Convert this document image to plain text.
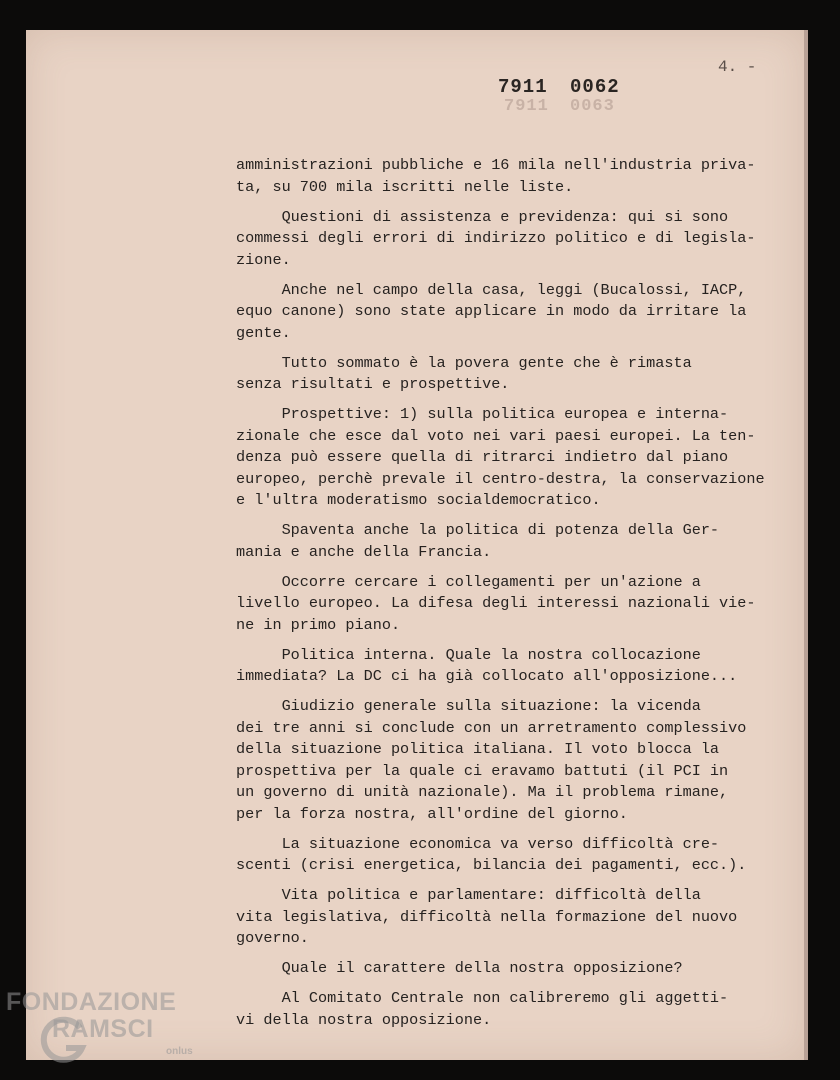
4. -
7911 0063
7911 0062
amministrazioni pubbliche e 16 mila nell'industria priva-
ta, su 700 mila iscritti nelle liste.
Questioni di assistenza e previdenza: qui si sono
commessi degli errori di indirizzo politico e di legisla-
zione.
Anche nel campo della casa, leggi (Bucalossi, IACP,
equo canone) sono state applicare in modo da irritare la
gente.
Tutto sommato è la povera gente che è rimasta
senza risultati e prospettive.
Prospettive: 1) sulla politica europea e interna-
zionale che esce dal voto nei vari paesi europei. La ten-
denza può essere quella di ritrarci indietro dal piano
europeo, perchè prevale il centro-destra, la conservazione
e l'ultra moderatismo socialdemocratico.
Spaventa anche la politica di potenza della Ger-
mania e anche della Francia.
Occorre cercare i collegamenti per un'azione a
livello europeo. La difesa degli interessi nazionali vie-
ne in primo piano.
Politica interna. Quale la nostra collocazione
immediata? La DC ci ha già collocato all'opposizione...
Giudizio generale sulla situazione: la vicenda
dei tre anni si conclude con un arretramento complessivo
della situazione politica italiana. Il voto blocca la
prospettiva per la quale ci eravamo battuti (il PCI in
un governo di unità nazionale). Ma il problema rimane,
per la forza nostra, all'ordine del giorno.
La situazione economica va verso difficoltà cre-
scenti (crisi energetica, bilancia dei pagamenti, ecc.).
Vita politica e parlamentare: difficoltà della
vita legislativa, difficoltà nella formazione del nuovo
governo.
Quale il carattere della nostra opposizione?
Al Comitato Centrale non calibreremo gli aggetti-
vi della nostra opposizione.
FONDAZIONE
RAMSCI
onlus
